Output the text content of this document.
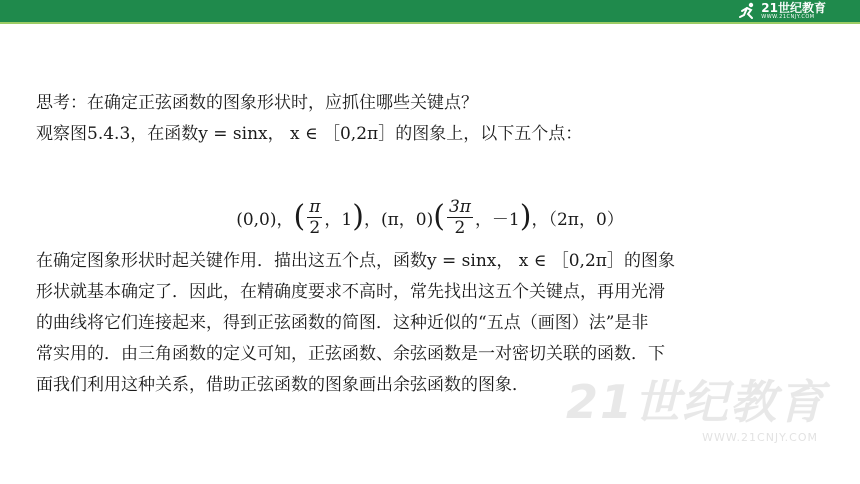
21世纪教育
WWW.21CNJY.COM
思考：在确定正弦函数的图象形状时，应抓住哪些关键点？
观察图5.4.3，在函数y = sinx， x ∈ ［0,2π］的图象上，以下五个点：
(0,0)， ( $\frac{\pi}{2}$ ，1 ) ，(π，0) ( $\frac{3\pi}{2}$ ，－1 ) ，（2π，0）
在确定图象形状时起关键作用．描出这五个点，函数y = sinx， x ∈ ［0,2π］的图象
形状就基本确定了．因此，在精确度要求不高时，常先找出这五个关键点，再用光滑
的曲线将它们连接起来，得到正弦函数的简图．这种近似的“五点（画图）法”是非
常实用的．由三角函数的定义可知，正弦函数、余弦函数是一对密切关联的函数．下
面我们利用这种关系，借助正弦函数的图象画出余弦函数的图象． 21世纪教育
WWW.21CNJY.COM
